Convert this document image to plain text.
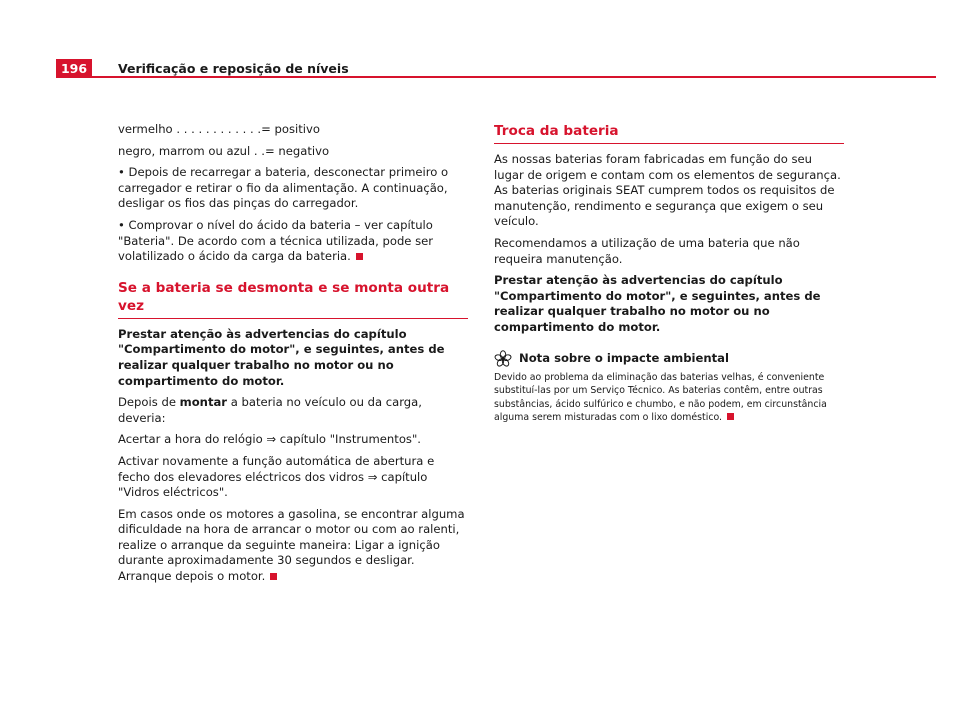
196	Verificação e reposição de níveis

vermelho . . . . . . . . . . . .= positivo

negro, marrom ou azul . .= negativo

• Depois de recarregar a bateria, desconectar primeiro o carregador e retirar o fio da alimentação. A continuação, desligar os fios das pinças do carregador.

• Comprovar o nível do ácido da bateria – ver capítulo "Bateria". De acordo com a técnica utilizada, pode ser volatilizado o ácido da carga da bateria.

Se a bateria se desmonta e se monta outra vez

Prestar atenção às advertencias do capítulo "Compartimento do motor", e seguintes, antes de realizar qualquer trabalho no motor ou no compartimento do motor.

Depois de montar a bateria no veículo ou da carga, deveria:

Acertar a hora do relógio ⇒ capítulo "Instrumentos".

Activar novamente a função automática de abertura e fecho dos elevadores eléctricos dos vidros ⇒ capítulo "Vidros eléctricos".

Em casos onde os motores a gasolina, se encontrar alguma dificuldade na hora de arrancar o motor ou com ao ralenti, realize o arranque da seguinte maneira: Ligar a ignição durante aproximadamente 30 segundos e desligar. Arranque depois o motor.

Troca da bateria

As nossas baterias foram fabricadas em função do seu lugar de origem e contam com os elementos de segurança. As baterias originais SEAT cumprem todos os requisitos de manutenção, rendimento e segurança que exigem o seu veículo.

Recomendamos a utilização de uma bateria que não requeira manutenção.

Prestar atenção às advertencias do capítulo "Compartimento do motor", e seguintes, antes de realizar qualquer trabalho no motor ou no compartimento do motor.

Nota sobre o impacte ambiental

Devido ao problema da eliminação das baterias velhas, é conveniente substituí-las por um Serviço Técnico. As baterias contêm, entre outras substâncias, ácido sulfúrico e chumbo, e não podem, em circunstância alguma serem misturadas com o lixo doméstico.
